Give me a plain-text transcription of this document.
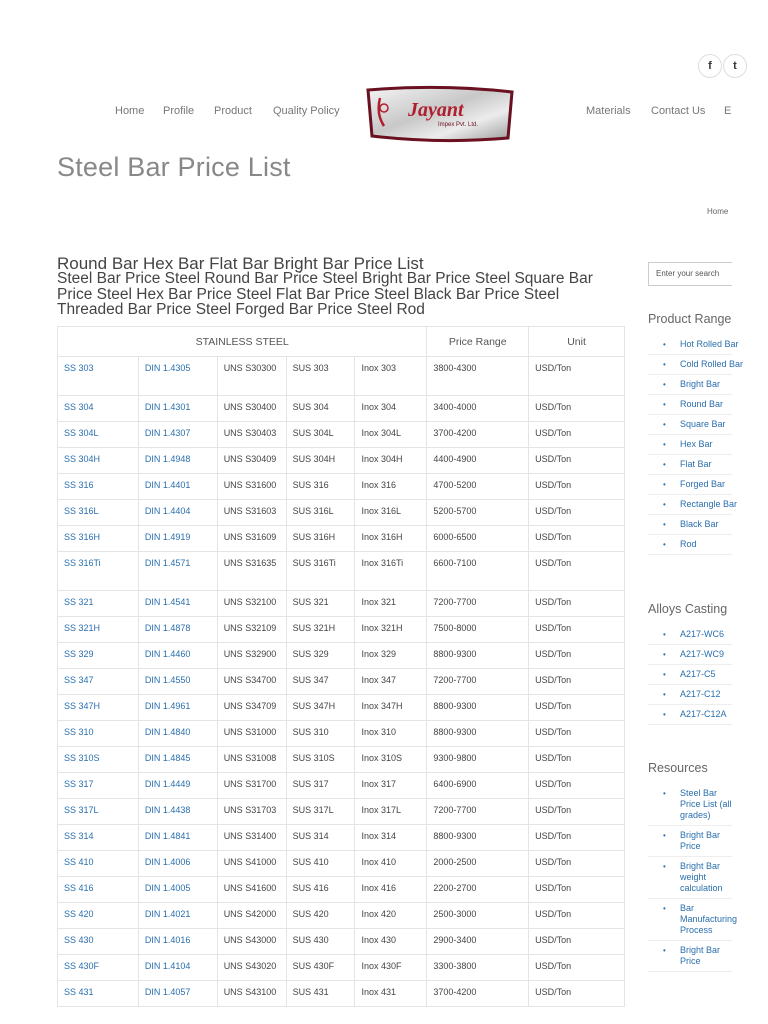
f	t
Home Profile Product Quality Policy	Materials Contact Us E
Jayant
Impex Pvt. Ltd.
Steel Bar Price List
Home
Round Bar Hex Bar Flat Bar Bright Bar Price List
Steel Bar Price Steel Round Bar Price Steel Bright Bar Price Steel Square Bar Price Steel Hex Bar Price Steel Flat Bar Price Steel Black Bar Price Steel Threaded Bar Price Steel Forged Bar Price Steel Rod
STAINLESS STEEL					Price Range	Unit
SS 303	DIN 1.4305	UNS S30300	SUS 303	Inox 303	3800-4300	USD/Ton
SS 304	DIN 1.4301	UNS S30400	SUS 304	Inox 304	3400-4000	USD/Ton
SS 304L	DIN 1.4307	UNS S30403	SUS 304L	Inox 304L	3700-4200	USD/Ton
SS 304H	DIN 1.4948	UNS S30409	SUS 304H	Inox 304H	4400-4900	USD/Ton
SS 316	DIN 1.4401	UNS S31600	SUS 316	Inox 316	4700-5200	USD/Ton
SS 316L	DIN 1.4404	UNS S31603	SUS 316L	Inox 316L	5200-5700	USD/Ton
SS 316H	DIN 1.4919	UNS S31609	SUS 316H	Inox 316H	6000-6500	USD/Ton
SS 316Ti	DIN 1.4571	UNS S31635	SUS 316Ti	Inox 316Ti	6600-7100	USD/Ton
SS 321	DIN 1.4541	UNS S32100	SUS 321	Inox 321	7200-7700	USD/Ton
SS 321H	DIN 1.4878	UNS S32109	SUS 321H	Inox 321H	7500-8000	USD/Ton
SS 329	DIN 1.4460	UNS S32900	SUS 329	Inox 329	8800-9300	USD/Ton
SS 347	DIN 1.4550	UNS S34700	SUS 347	Inox 347	7200-7700	USD/Ton
SS 347H	DIN 1.4961	UNS S34709	SUS 347H	Inox 347H	8800-9300	USD/Ton
SS 310	DIN 1.4840	UNS S31000	SUS 310	Inox 310	8800-9300	USD/Ton
SS 310S	DIN 1.4845	UNS S31008	SUS 310S	Inox 310S	9300-9800	USD/Ton
SS 317	DIN 1.4449	UNS S31700	SUS 317	Inox 317	6400-6900	USD/Ton
SS 317L	DIN 1.4438	UNS S31703	SUS 317L	Inox 317L	7200-7700	USD/Ton
SS 314	DIN 1.4841	UNS S31400	SUS 314	Inox 314	8800-9300	USD/Ton
SS 410	DIN 1.4006	UNS S41000	SUS 410	Inox 410	2000-2500	USD/Ton
SS 416	DIN 1.4005	UNS S41600	SUS 416	Inox 416	2200-2700	USD/Ton
SS 420	DIN 1.4021	UNS S42000	SUS 420	Inox 420	2500-3000	USD/Ton
SS 430	DIN 1.4016	UNS S43000	SUS 430	Inox 430	2900-3400	USD/Ton
SS 430F	DIN 1.4104	UNS S43020	SUS 430F	Inox 430F	3300-3800	USD/Ton
SS 431	DIN 1.4057	UNS S43100	SUS 431	Inox 431	3700-4200	USD/Ton
Enter your search
Product Range
• Hot Rolled Bar
• Cold Rolled Bar
• Bright Bar
• Round Bar
• Square Bar
• Hex Bar
• Flat Bar
• Forged Bar
• Rectangle Bar
• Black Bar
• Rod
Alloys Casting
• A217-WC6
• A217-WC9
• A217-C5
• A217-C12
• A217-C12A
Resources
• Steel Bar Price List (all grades)
• Bright Bar Price
• Bright Bar weight calculation
• Bar Manufacturing Process
• Bright Bar Price
